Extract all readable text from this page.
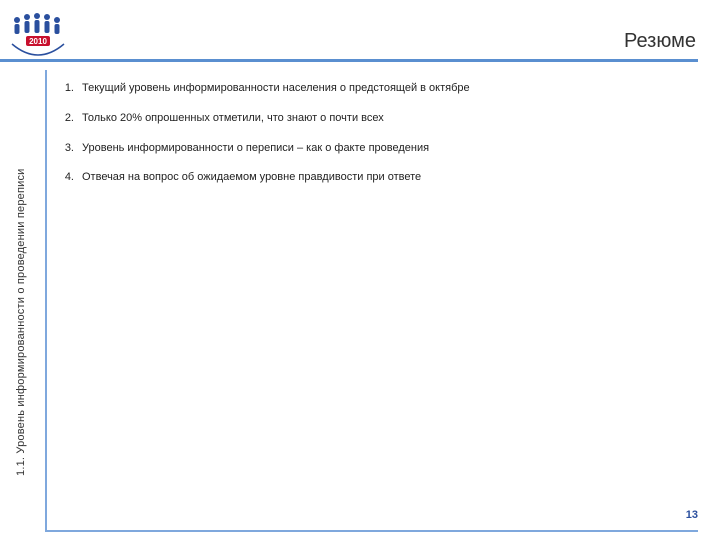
2010	Резюме
1.1. Уровень информированности о проведении переписи
1. Текущий уровень информированности населения о предстоящей в октябре
2. Только 20% опрошенных отметили, что знают о почти всех
3. Уровень информированности о переписи – как о факте проведения
4. Отвечая на вопрос об ожидаемом уровне правдивости при ответе
13
